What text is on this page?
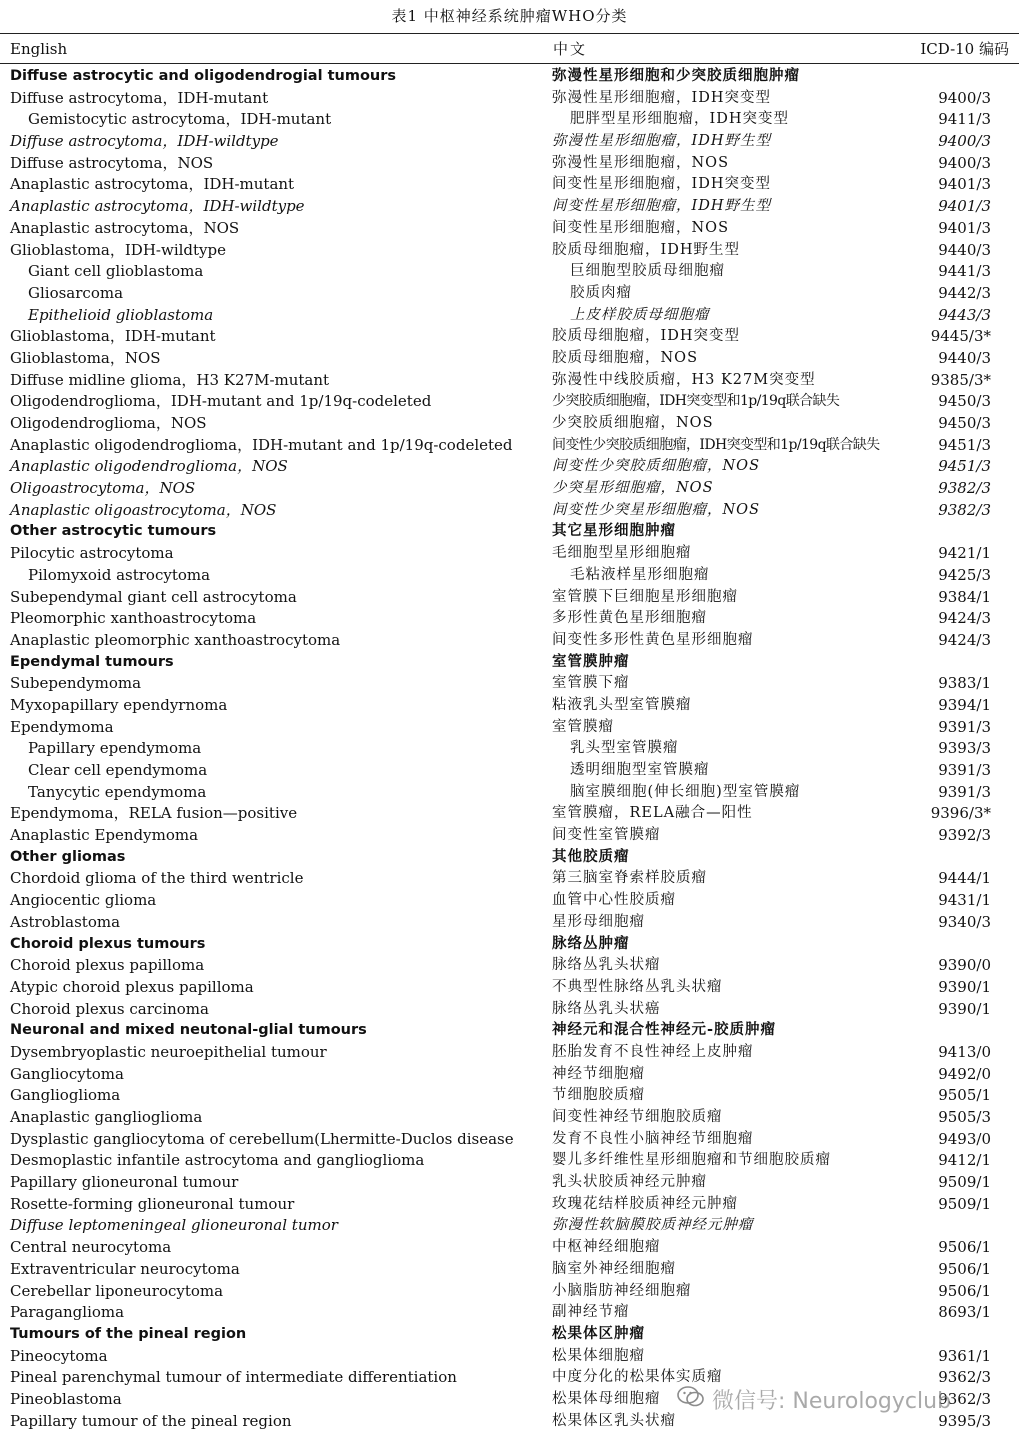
表1 中枢神经系统肿瘤WHO分类
English	中文	ICD-10 编码
Diffuse astrocytic and oligodendrogial tumours	弥漫性星形细胞和少突胶质细胞肿瘤
Diffuse astrocytoma，IDH-mutant	弥漫性星形细胞瘤，IDH突变型	9400/3
Gemistocytic astrocytoma，IDH-mutant	肥胖型星形细胞瘤，IDH突变型	9411/3
Diffuse astrocytoma，IDH-wildtype	弥漫性星形细胞瘤，IDH野生型	9400/3
Diffuse astrocytoma，NOS	弥漫性星形细胞瘤，NOS	9400/3
Anaplastic astrocytoma，IDH-mutant	间变性星形细胞瘤，IDH突变型	9401/3
Anaplastic astrocytoma，IDH-wildtype	间变性星形细胞瘤，IDH野生型	9401/3
Anaplastic astrocytoma，NOS	间变性星形细胞瘤，NOS	9401/3
Glioblastoma，IDH-wildtype	胶质母细胞瘤，IDH野生型	9440/3
Giant cell glioblastoma	巨细胞型胶质母细胞瘤	9441/3
Gliosarcoma	胶质肉瘤	9442/3
Epithelioid glioblastoma	上皮样胶质母细胞瘤	9443/3
Glioblastoma，IDH-mutant	胶质母细胞瘤，IDH突变型	9445/3*
Glioblastoma，NOS	胶质母细胞瘤，NOS	9440/3
Diffuse midline glioma，H3 K27M-mutant	弥漫性中线胶质瘤，H3 K27M突变型	9385/3*
Oligodendroglioma，IDH-mutant and 1p/19q-codeleted	少突胶质细胞瘤，IDH突变型和1p/19q联合缺失	9450/3
Oligodendroglioma，NOS	少突胶质细胞瘤，NOS	9450/3
Anaplastic oligodendroglioma，IDH-mutant and 1p/19q-codeleted	间变性少突胶质细胞瘤，IDH突变型和1p/19q联合缺失	9451/3
Anaplastic oligodendroglioma，NOS	间变性少突胶质细胞瘤，NOS	9451/3
Oligoastrocytoma，NOS	少突星形细胞瘤，NOS	9382/3
Anaplastic oligoastrocytoma，NOS	间变性少突星形细胞瘤，NOS	9382/3
Other astrocytic tumours	其它星形细胞肿瘤
Pilocytic astrocytoma	毛细胞型星形细胞瘤	9421/1
Pilomyxoid astrocytoma	毛粘液样星形细胞瘤	9425/3
Subependymal giant cell astrocytoma	室管膜下巨细胞星形细胞瘤	9384/1
Pleomorphic xanthoastrocytoma	多形性黄色星形细胞瘤	9424/3
Anaplastic pleomorphic xanthoastrocytoma	间变性多形性黄色星形细胞瘤	9424/3
Ependymal tumours	室管膜肿瘤
Subependymoma	室管膜下瘤	9383/1
Myxopapillary ependyrnoma	粘液乳头型室管膜瘤	9394/1
Ependymoma	室管膜瘤	9391/3
Papillary ependymoma	乳头型室管膜瘤	9393/3
Clear cell ependymoma	透明细胞型室管膜瘤	9391/3
Tanycytic ependymoma	脑室膜细胞(伸长细胞)型室管膜瘤	9391/3
Ependymoma，RELA fusion—positive	室管膜瘤，RELA融合—阳性	9396/3*
Anaplastic Ependymoma	间变性室管膜瘤	9392/3
Other gliomas	其他胶质瘤
Chordoid glioma of the third wentricle	第三脑室脊索样胶质瘤	9444/1
Angiocentic glioma	血管中心性胶质瘤	9431/1
Astroblastoma	星形母细胞瘤	9340/3
Choroid plexus tumours	脉络丛肿瘤
Choroid plexus papilloma	脉络丛乳头状瘤	9390/0
Atypic choroid plexus papilloma	不典型性脉络丛乳头状瘤	9390/1
Choroid plexus carcinoma	脉络丛乳头状癌	9390/1
Neuronal and mixed neutonal-glial tumours	神经元和混合性神经元-胶质肿瘤
Dysembryoplastic neuroepithelial tumour	胚胎发育不良性神经上皮肿瘤	9413/0
Gangliocytoma	神经节细胞瘤	9492/0
Ganglioglioma	节细胞胶质瘤	9505/1
Anaplastic ganglioglioma	间变性神经节细胞胶质瘤	9505/3
Dysplastic gangliocytoma of cerebellum(Lhermitte-Duclos disease	发育不良性小脑神经节细胞瘤	9493/0
Desmoplastic infantile astrocytoma and ganglioglioma	婴儿多纤维性星形细胞瘤和节细胞胶质瘤	9412/1
Papillary glioneuronal tumour	乳头状胶质神经元肿瘤	9509/1
Rosette-forming glioneuronal tumour	玫瑰花结样胶质神经元肿瘤	9509/1
Diffuse leptomeningeal glioneuronal tumor	弥漫性软脑膜胶质神经元肿瘤
Central neurocytoma	中枢神经细胞瘤	9506/1
Extraventricular neurocytoma	脑室外神经细胞瘤	9506/1
Cerebellar liponeurocytoma	小脑脂肪神经细胞瘤	9506/1
Paraganglioma	副神经节瘤	8693/1
Tumours of the pineal region	松果体区肿瘤
Pineocytoma	松果体细胞瘤	9361/1
Pineal parenchymal tumour of intermediate differentiation	中度分化的松果体实质瘤	9362/3
Pineoblastoma	松果体母细胞瘤	9362/3
Papillary tumour of the pineal region	松果体区乳头状瘤	9395/3
微信号: Neurologyclub
